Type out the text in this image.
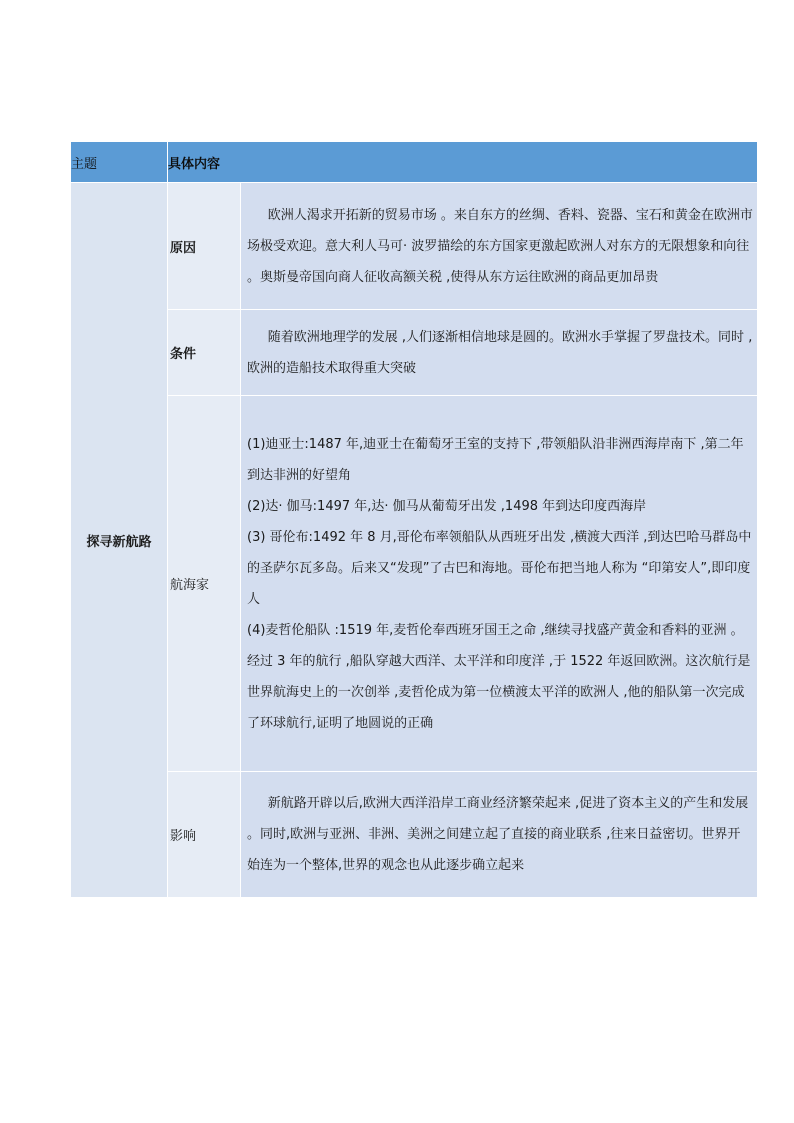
主题	具体内容	
探寻新航路	原因	欧洲人渴求开拓新的贸易市场 。来自东方的丝绸、香料、瓷器、宝石和黄金在欧洲市场极受欢迎。意大利人马可· 波罗描绘的东方国家更激起欧洲人对东方的无限想象和向往 。奥斯曼帝国向商人征收高额关税 ,使得从东方运往欧洲的商品更加昂贵

	条件	随着欧洲地理学的发展 ,人们逐渐相信地球是圆的。欧洲水手掌握了罗盘技术。同时 ,欧洲的造船技术取得重大突破

	航海家	(1)迪亚士:1487 年,迪亚士在葡萄牙王室的支持下 ,带领船队沿非洲西海岸南下 ,第二年到达非洲的好望角

(2)达· 伽马:1497 年,达· 伽马从葡萄牙出发 ,1498 年到达印度西海岸

(3) 哥伦布:1492 年 8 月,哥伦布率领船队从西班牙出发 ,横渡大西洋 ,到达巴哈马群岛中的圣萨尔瓦多岛。后来又“发现”了古巴和海地。哥伦布把当地人称为 “印第安人”,即印度人

(4)麦哲伦船队 :1519 年,麦哲伦奉西班牙国王之命 ,继续寻找盛产黄金和香料的亚洲 。经过 3 年的航行 ,船队穿越大西洋、太平洋和印度洋 ,于 1522 年返回欧洲。这次航行是世界航海史上的一次创举 ,麦哲伦成为第一位横渡太平洋的欧洲人 ,他的船队第一次完成了环球航行,证明了地圆说的正确

	影响	新航路开辟以后,欧洲大西洋沿岸工商业经济繁荣起来 ,促进了资本主义的产生和发展 。同时,欧洲与亚洲、非洲、美洲之间建立起了直接的商业联系 ,往来日益密切。世界开始连为一个整体,世界的观念也从此逐步确立起来
